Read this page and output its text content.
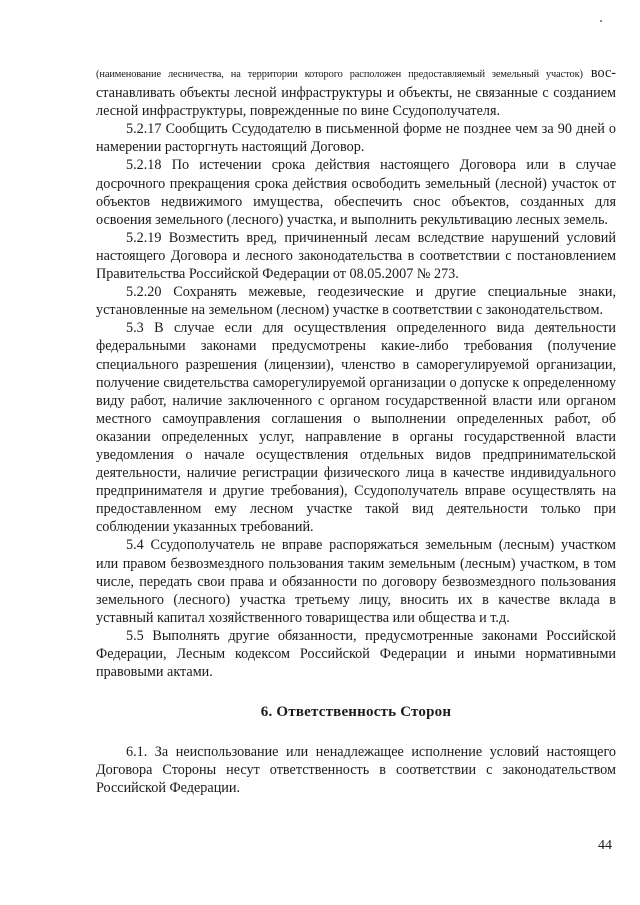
(наименование лесничества, на территории которого расположен предоставляемый земельный участок) вос-станавливать объекты лесной инфраструктуры и объекты, не связанные с созданием лесной инфраструктуры, поврежденные по вине Ссудополучателя.

5.2.17 Сообщить Ссудодателю в письменной форме не позднее чем за 90 дней о намерении расторгнуть настоящий Договор.

5.2.18 По истечении срока действия настоящего Договора или в случае досрочного прекращения срока действия освободить земельный (лесной) участок от объектов недвижимого имущества, обеспечить снос объектов, созданных для освоения земельного (лесного) участка, и выполнить рекультивацию лесных земель.

5.2.19 Возместить вред, причиненный лесам вследствие нарушений условий настоящего Договора и лесного законодательства в соответствии с постановлением Правительства Российской Федерации от 08.05.2007 № 273.

5.2.20 Сохранять межевые, геодезические и другие специальные знаки, установленные на земельном (лесном) участке в соответствии с законодательством.

5.3 В случае если для осуществления определенного вида деятельности федеральными законами предусмотрены какие-либо требования (получение специального разрешения (лицензии), членство в саморегулируемой организации, получение свидетельства саморегулируемой организации о допуске к определенному виду работ, наличие заключенного с органом государственной власти или органом местного самоуправления соглашения о выполнении определенных работ, об оказании определенных услуг, направление в органы государственной власти уведомления о начале осуществления отдельных видов предпринимательской деятельности, наличие регистрации физического лица в качестве индивидуального предпринимателя и другие требования), Ссудополучатель вправе осуществлять на предоставленном ему лесном участке такой вид деятельности только при соблюдении указанных требований.

5.4 Ссудополучатель не вправе распоряжаться земельным (лесным) участком или правом безвозмездного пользования таким земельным (лесным) участком, в том числе, передать свои права и обязанности по договору безвозмездного пользования земельного (лесного) участка третьему лицу, вносить их в качестве вклада в уставный капитал хозяйственного товарищества или общества и т.д.

5.5 Выполнять другие обязанности, предусмотренные законами Российской Федерации, Лесным кодексом Российской Федерации и иными нормативными правовыми актами.

6. Ответственность Сторон

6.1. За неиспользование или ненадлежащее исполнение условий настоящего Договора Стороны несут ответственность в соответствии с законодательством Российской Федерации.

44
